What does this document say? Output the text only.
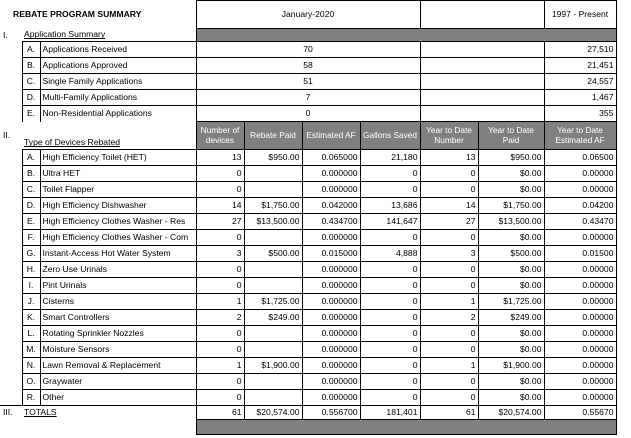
REBATE PROGRAM SUMMARY			January-2020						1997 - Present
I.	Application Summary								
	A.	Applications Received	70						27,510
	B.	Applications Approved	58						21,451
	C.	Single Family Applications	51						24,557
	D.	Multi-Family Applications	7						1,467
	E.	Non-Residential Applications	0						355
II.	Type of Devices Rebated		Number of devices	Rebate Paid	Estimated AF	Gallons Saved	Year to Date Number	Year to Date Paid	Year to Date Estimated AF
	A.	High Efficiency Toilet (HET)	13	$950.00	0.065000	21,180	13	$950.00	0.06500
	B.	Ultra HET	0		0.000000	0	0	$0.00	0.00000
	C.	Toilet Flapper	0		0.000000	0	0	$0.00	0.00000
	D.	High Efficiency Dishwasher	14	$1,750.00	0.042000	13,686	14	$1,750.00	0.04200
	E.	High Efficiency Clothes Washer - Res	27	$13,500.00	0.434700	141,647	27	$13,500.00	0.43470
	F.	High Efficiency Clothes Washer - Com	0		0.000000	0	0	$0.00	0.00000
	G.	Instant-Access Hot Water System	3	$500.00	0.015000	4,888	3	$500.00	0.01500
	H.	Zero Use Urinals	0		0.000000	0	0	$0.00	0.00000
	I.	Pint Urinals	0		0.000000	0	0	$0.00	0.00000
	J.	Cisterns	1	$1,725.00	0.000000	0	1	$1,725.00	0.00000
	K.	Smart Controllers	2	$249.00	0.000000	0	2	$249.00	0.00000
	L.	Rotating Sprinkler Nozzles	0		0.000000	0	0	$0.00	0.00000
	M.	Moisture Sensors	0		0.000000	0	0	$0.00	0.00000
	N.	Lawn Removal & Replacement	1	$1,900.00	0.000000	0	1	$1,900.00	0.00000
	O.	Graywater	0		0.000000	0	0	$0.00	0.00000
	R.	Other	0		0.000000	0	0	$0.00	0.00000
III.	TOTALS		61	$20,574.00	0.556700	181,401	61	$20,574.00	0.55670
